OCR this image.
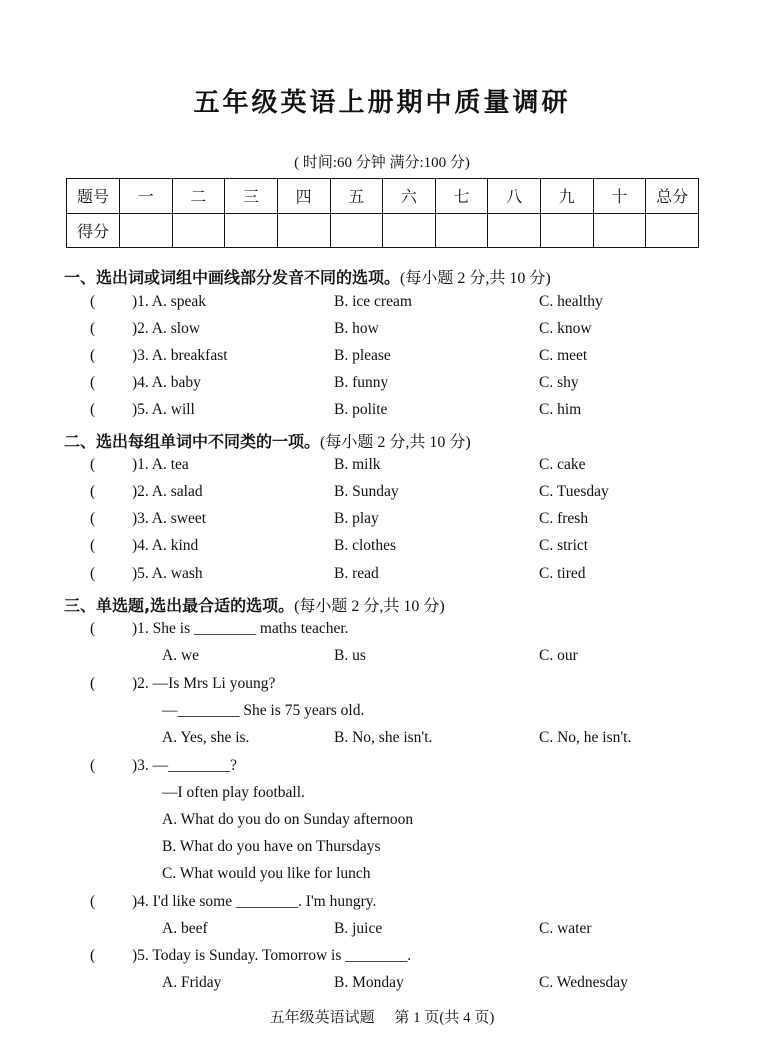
五年级英语上册期中质量调研
( 时间:60 分钟 满分:100 分)
题号	一	二	三	四	五	六	七	八	九	十	总分
得分											
一、选出词或词组中画线部分发音不同的选项。(每小题 2 分,共 10 分)
( )1. A. speak	B. ice cream	C. healthy
( )2. A. slow	B. how	C. know
( )3. A. breakfast	B. please	C. meet
( )4. A. baby	B. funny	C. shy
( )5. A. will	B. polite	C. him
二、选出每组单词中不同类的一项。(每小题 2 分,共 10 分)
( )1. A. tea	B. milk	C. cake
( )2. A. salad	B. Sunday	C. Tuesday
( )3. A. sweet	B. play	C. fresh
( )4. A. kind	B. clothes	C. strict
( )5. A. wash	B. read	C. tired
三、单选题,选出最合适的选项。(每小题 2 分,共 10 分)
( )1. She is ________ maths teacher.
A. we	B. us	C. our
( )2. —Is Mrs Li young?
—________ She is 75 years old.
A. Yes, she is.	B. No, she isn't.	C. No, he isn't.
( )3. —________?
—I often play football.
A. What do you do on Sunday afternoon
B. What do you have on Thursdays
C. What would you like for lunch
( )4. I'd like some ________. I'm hungry.
A. beef	B. juice	C. water
( )5. Today is Sunday. Tomorrow is ________.
A. Friday	B. Monday	C. Wednesday
五年级英语试题 第 1 页(共 4 页)
